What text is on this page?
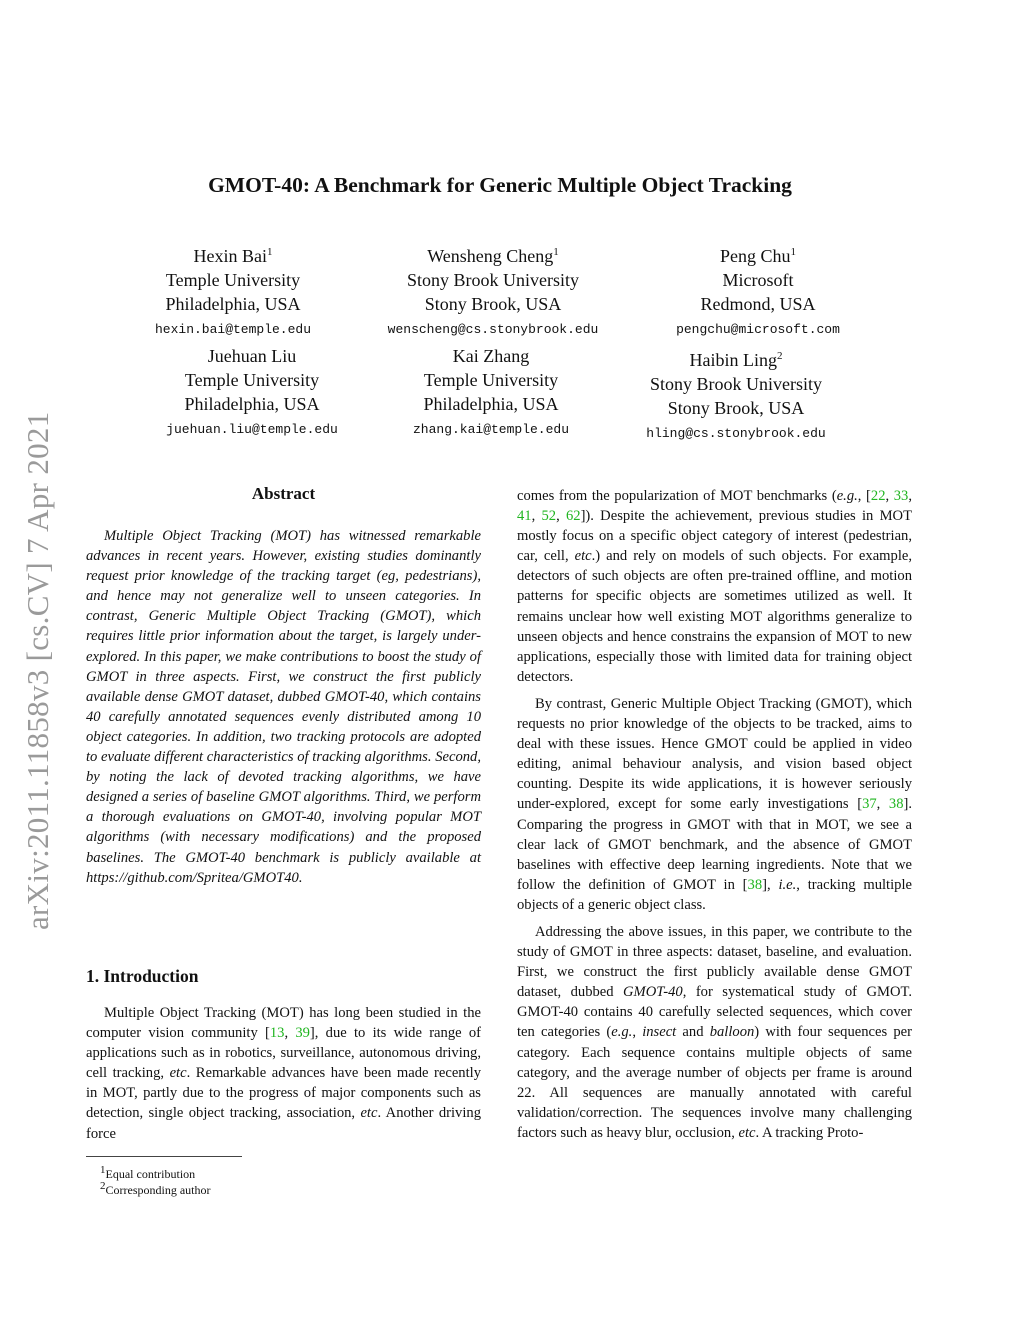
arXiv:2011.11858v3 [cs.CV] 7 Apr 2021
GMOT-40: A Benchmark for Generic Multiple Object Tracking
Hexin Bai$^1$
Temple University
Philadelphia, USA
hexin.bai@temple.edu
Wensheng Cheng$^1$
Stony Brook University
Stony Brook, USA
wenscheng@cs.stonybrook.edu
Peng Chu$^1$
Microsoft
Redmond, USA
pengchu@microsoft.com
Juehuan Liu
Temple University
Philadelphia, USA
juehuan.liu@temple.edu
Kai Zhang
Temple University
Philadelphia, USA
zhang.kai@temple.edu
Haibin Ling$^2$
Stony Brook University
Stony Brook, USA
hling@cs.stonybrook.edu
Abstract
Multiple Object Tracking (MOT) has witnessed remarkable advances in recent years. However, existing studies dominantly request prior knowledge of the tracking target (eg, pedestrians), and hence may not generalize well to unseen categories. In contrast, Generic Multiple Object Tracking (GMOT), which requires little prior information about the target, is largely under-explored. In this paper, we make contributions to boost the study of GMOT in three aspects. First, we construct the first publicly available dense GMOT dataset, dubbed GMOT-40, which contains 40 carefully annotated sequences evenly distributed among 10 object categories. In addition, two tracking protocols are adopted to evaluate different characteristics of tracking algorithms. Second, by noting the lack of devoted tracking algorithms, we have designed a series of baseline GMOT algorithms. Third, we perform a thorough evaluations on GMOT-40, involving popular MOT algorithms (with necessary modifications) and the proposed baselines. The GMOT-40 benchmark is publicly available at https://github.com/Spritea/GMOT40.
1. Introduction

Multiple Object Tracking (MOT) has long been studied in the computer vision community [13, 39], due to its wide range of applications such as in robotics, surveillance, autonomous driving, cell tracking, etc. Remarkable advances have been made recently in MOT, partly due to the progress of major components such as detection, single object tracking, association, etc. Another driving force

comes from the popularization of MOT benchmarks (e.g., [22, 33, 41, 52, 62]). Despite the achievement, previous studies in MOT mostly focus on a specific object category of interest (pedestrian, car, cell, etc.) and rely on models of such objects. For example, detectors of such objects are often pre-trained offline, and motion patterns for specific objects are sometimes utilized as well. It remains unclear how well existing MOT algorithms generalize to unseen objects and hence constrains the expansion of MOT to new applications, especially those with limited data for training object detectors.

By contrast, Generic Multiple Object Tracking (GMOT), which requests no prior knowledge of the objects to be tracked, aims to deal with these issues. Hence GMOT could be applied in video editing, animal behaviour analysis, and vision based object counting. Despite its wide applications, it is however seriously under-explored, except for some early investigations [37, 38]. Comparing the progress in GMOT with that in MOT, we see a clear lack of GMOT benchmark, and the absence of GMOT baselines with effective deep learning ingredients. Note that we follow the definition of GMOT in [38], i.e., tracking multiple objects of a generic object class.

Addressing the above issues, in this paper, we contribute to the study of GMOT in three aspects: dataset, baseline, and evaluation. First, we construct the first publicly available dense GMOT dataset, dubbed GMOT-40, for systematical study of GMOT. GMOT-40 contains 40 carefully selected sequences, which cover ten categories (e.g., insect and balloon) with four sequences per category. Each sequence contains multiple objects of same category, and the average number of objects per frame is around 22. All sequences are manually annotated with careful validation/correction. The sequences involve many challenging factors such as heavy blur, occlusion, etc. A tracking Proto-

$^1$Equal contribution
$^2$Corresponding author
